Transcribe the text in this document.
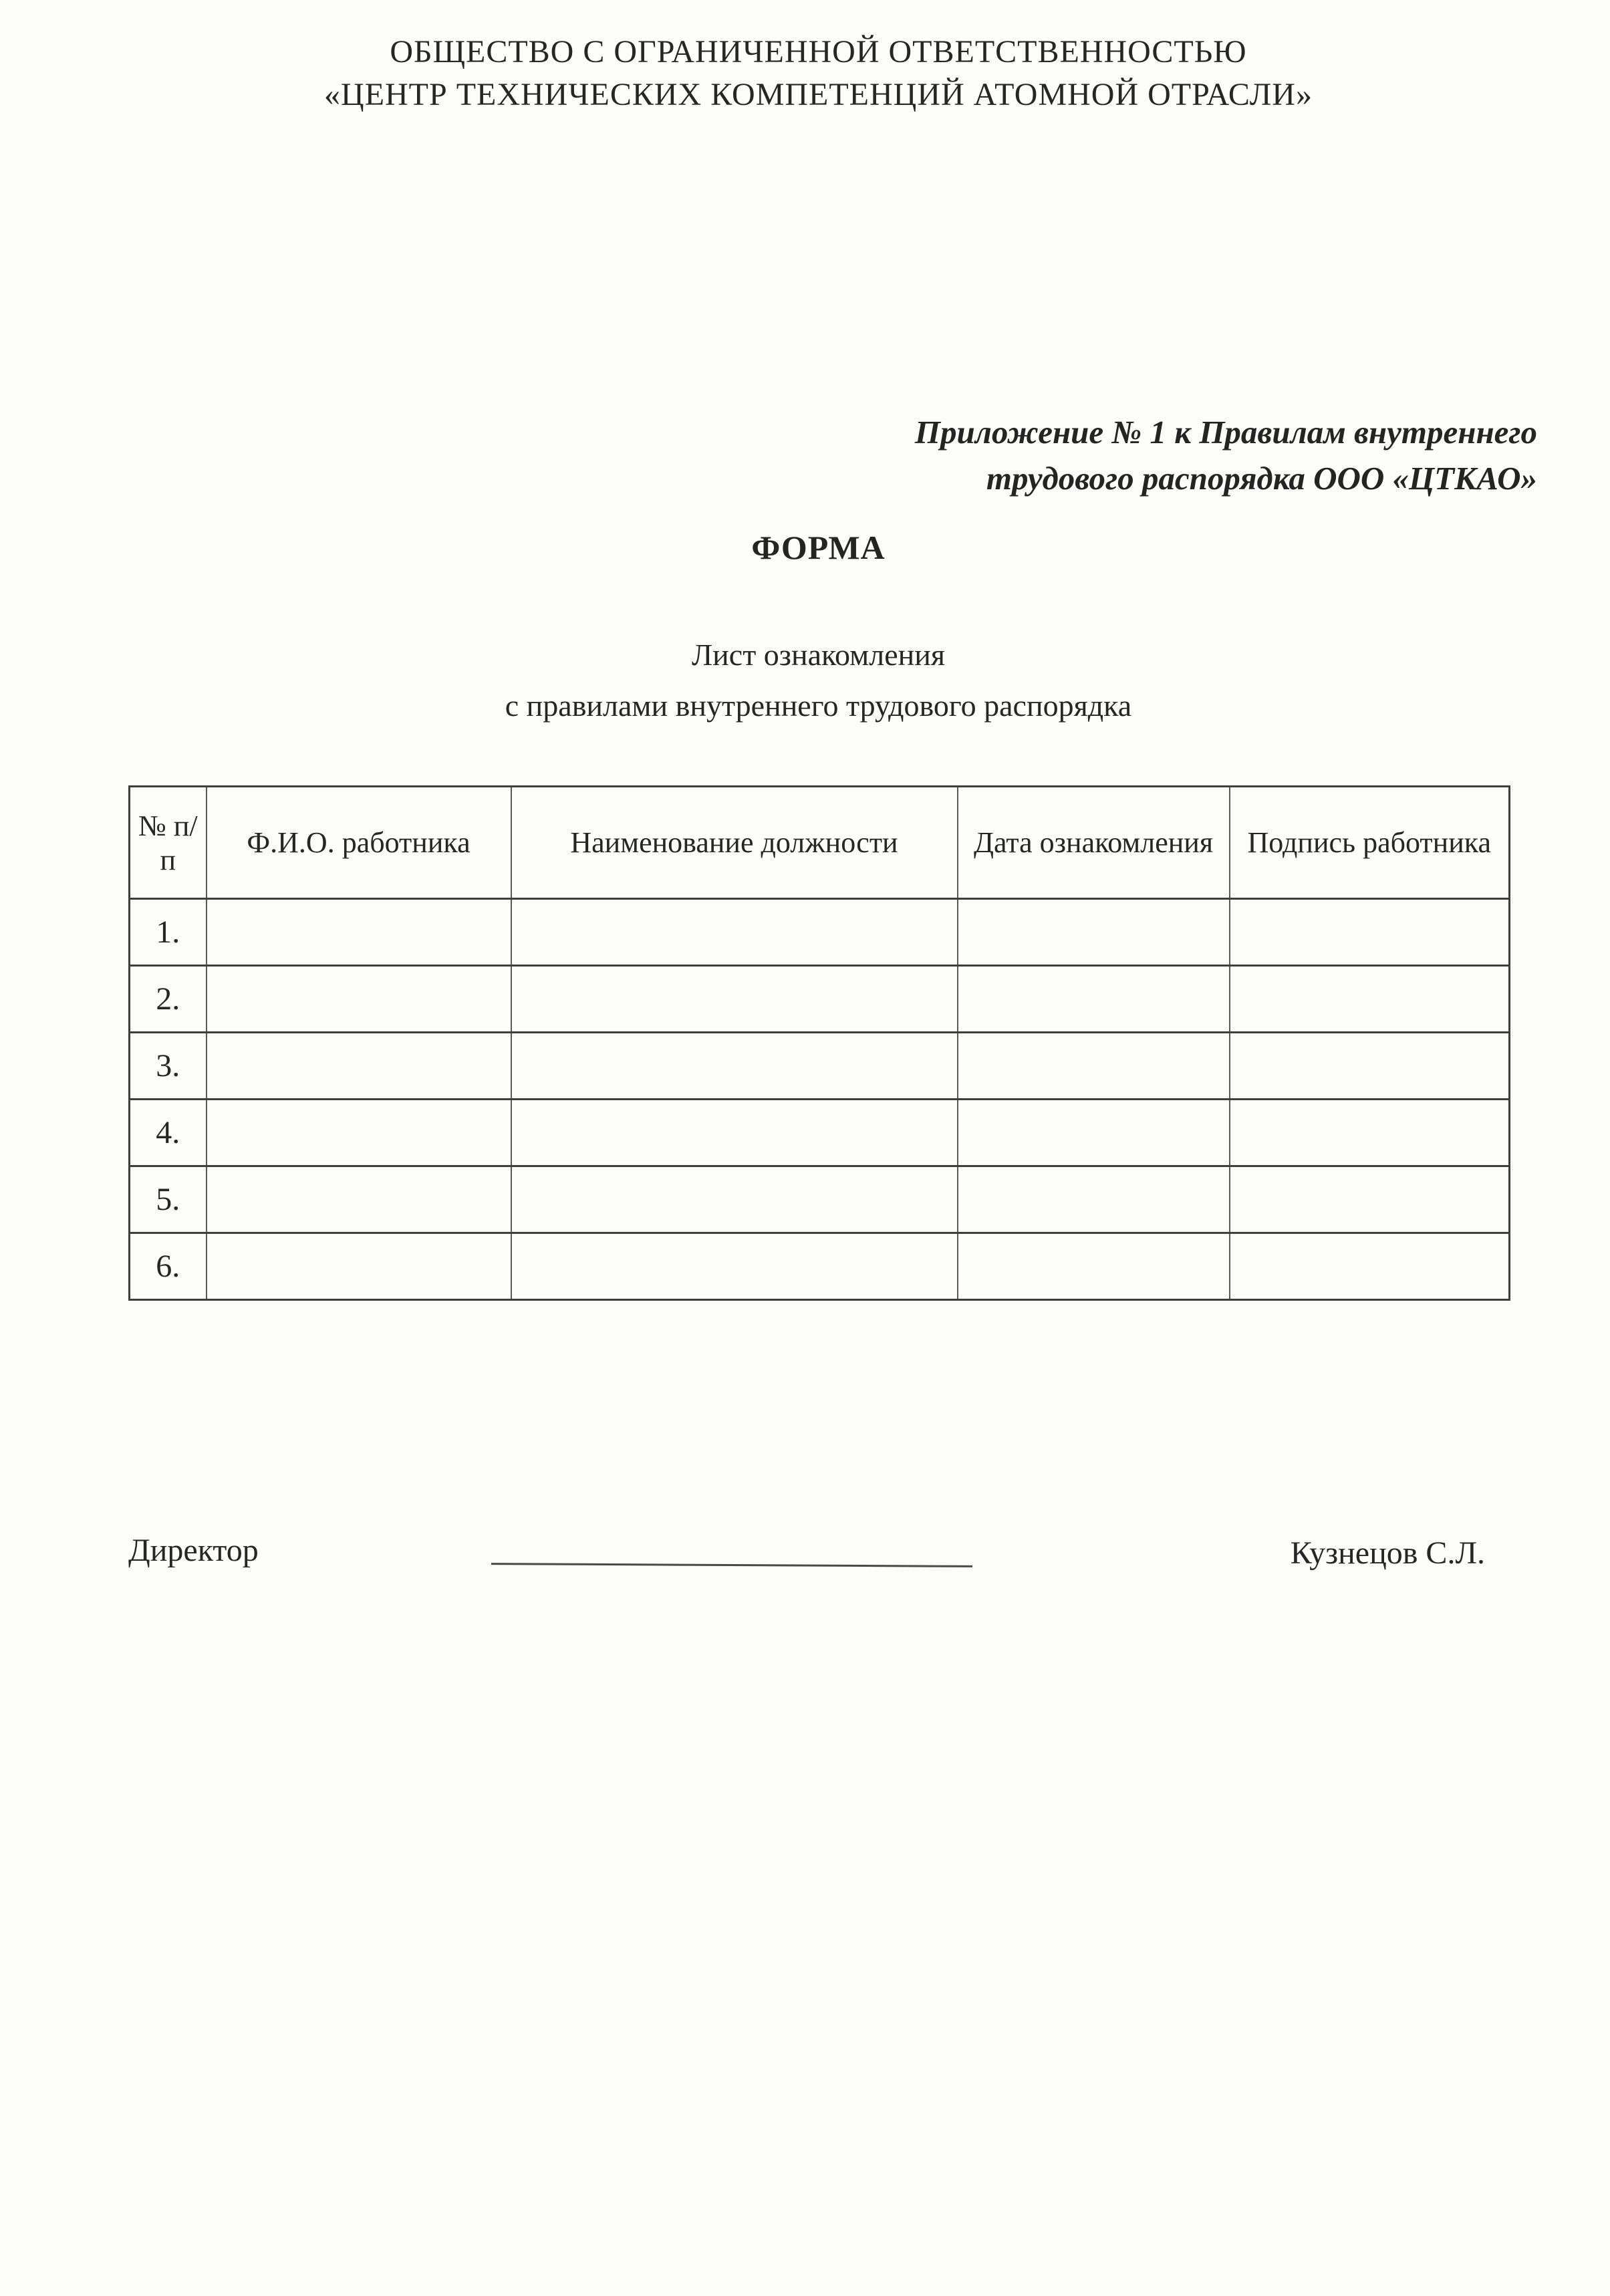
ОБЩЕСТВО С ОГРАНИЧЕННОЙ ОТВЕТСТВЕННОСТЬЮ
«ЦЕНТР ТЕХНИЧЕСКИХ КОМПЕТЕНЦИЙ АТОМНОЙ ОТРАСЛИ»
Приложение № 1 к Правилам внутреннего
трудового распорядка ООО «ЦТКАО»
ФОРМА
Лист ознакомления
с правилами внутреннего трудового распорядка
№ п/п	Ф.И.О. работника	Наименование должности	Дата ознакомления	Подпись работника
1.				
2.				
3.				
4.				
5.				
6.				
Директор	Кузнецов С.Л.
